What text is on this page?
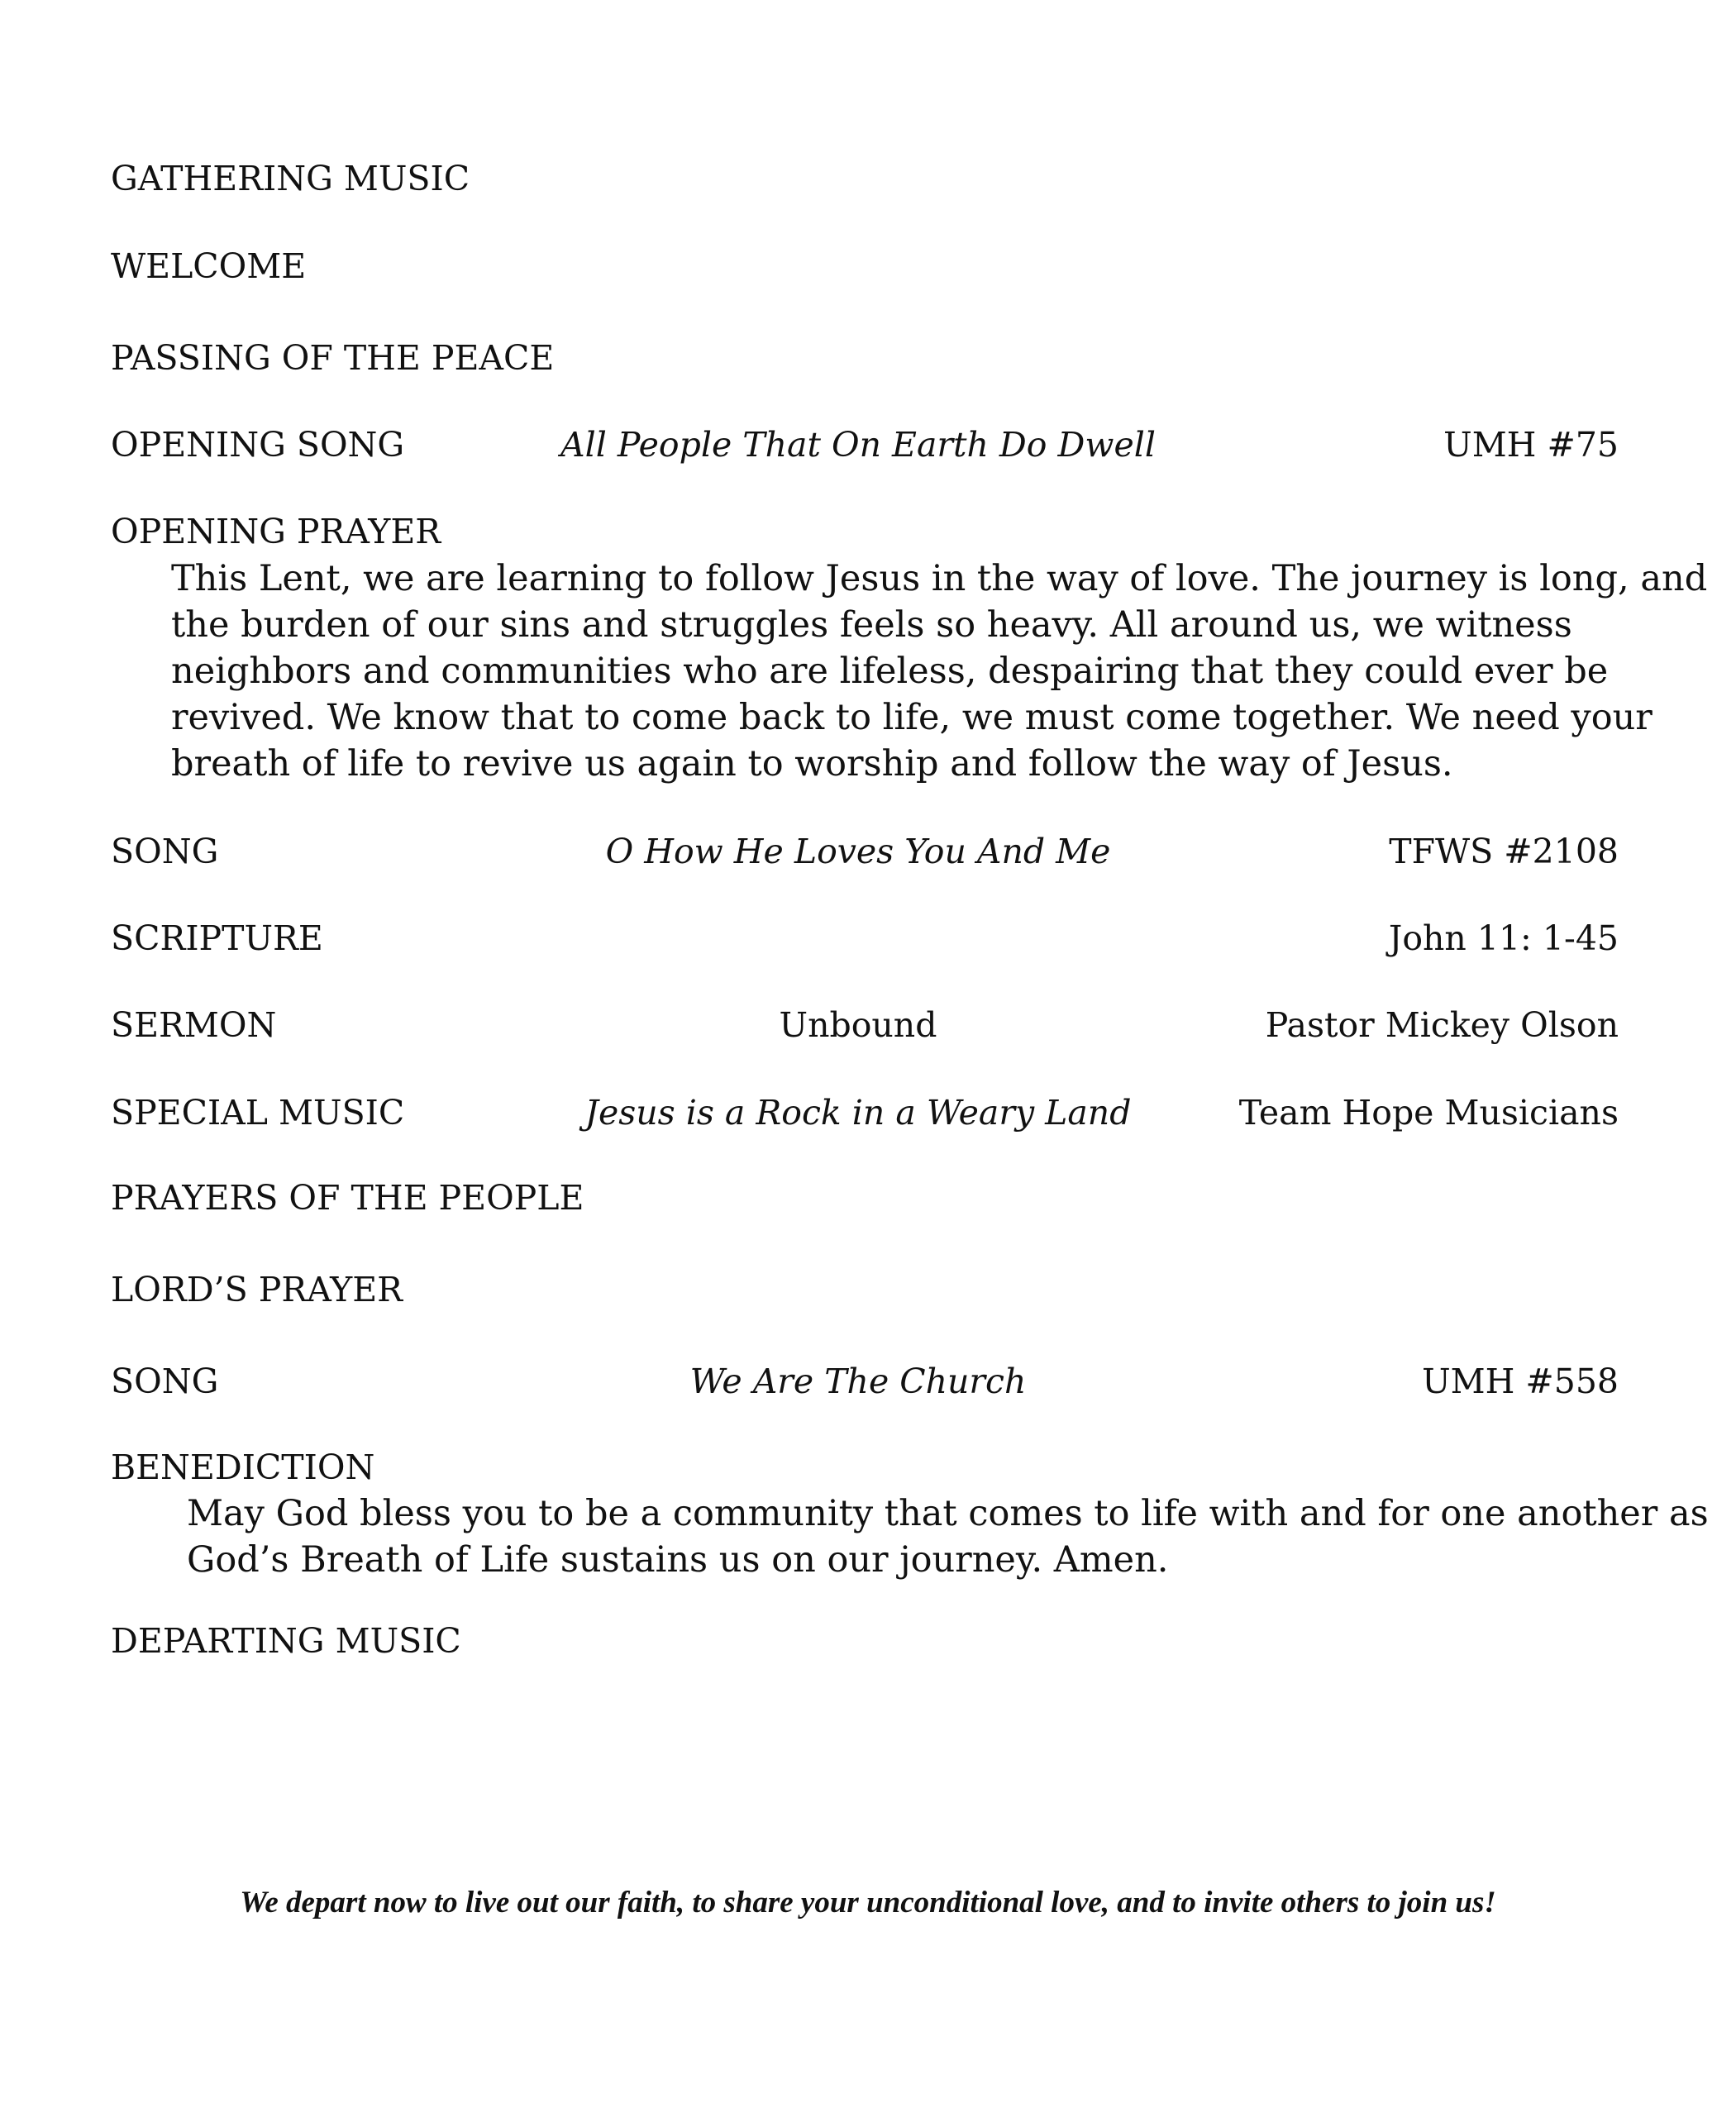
GATHERING MUSIC
WELCOME
PASSING OF THE PEACE
OPENING SONG	All People That On Earth Do Dwell	UMH #75
OPENING PRAYER
This Lent, we are learning to follow Jesus in the way of love. The journey is long, and
the burden of our sins and struggles feels so heavy. All around us, we witness
neighbors and communities who are lifeless, despairing that they could ever be
revived. We know that to come back to life, we must come together. We need your
breath of life to revive us again to worship and follow the way of Jesus.
SONG	O How He Loves You And Me	TFWS #2108
SCRIPTURE	John 11: 1-45
SERMON	Unbound	Pastor Mickey Olson
SPECIAL MUSIC	Jesus is a Rock in a Weary Land	Team Hope Musicians
PRAYERS OF THE PEOPLE
LORD’S PRAYER
SONG	We Are The Church	UMH #558
BENEDICTION
May God bless you to be a community that comes to life with and for one another as
God’s Breath of Life sustains us on our journey. Amen.
DEPARTING MUSIC
We depart now to live out our faith, to share your unconditional love, and to invite others to join us!
